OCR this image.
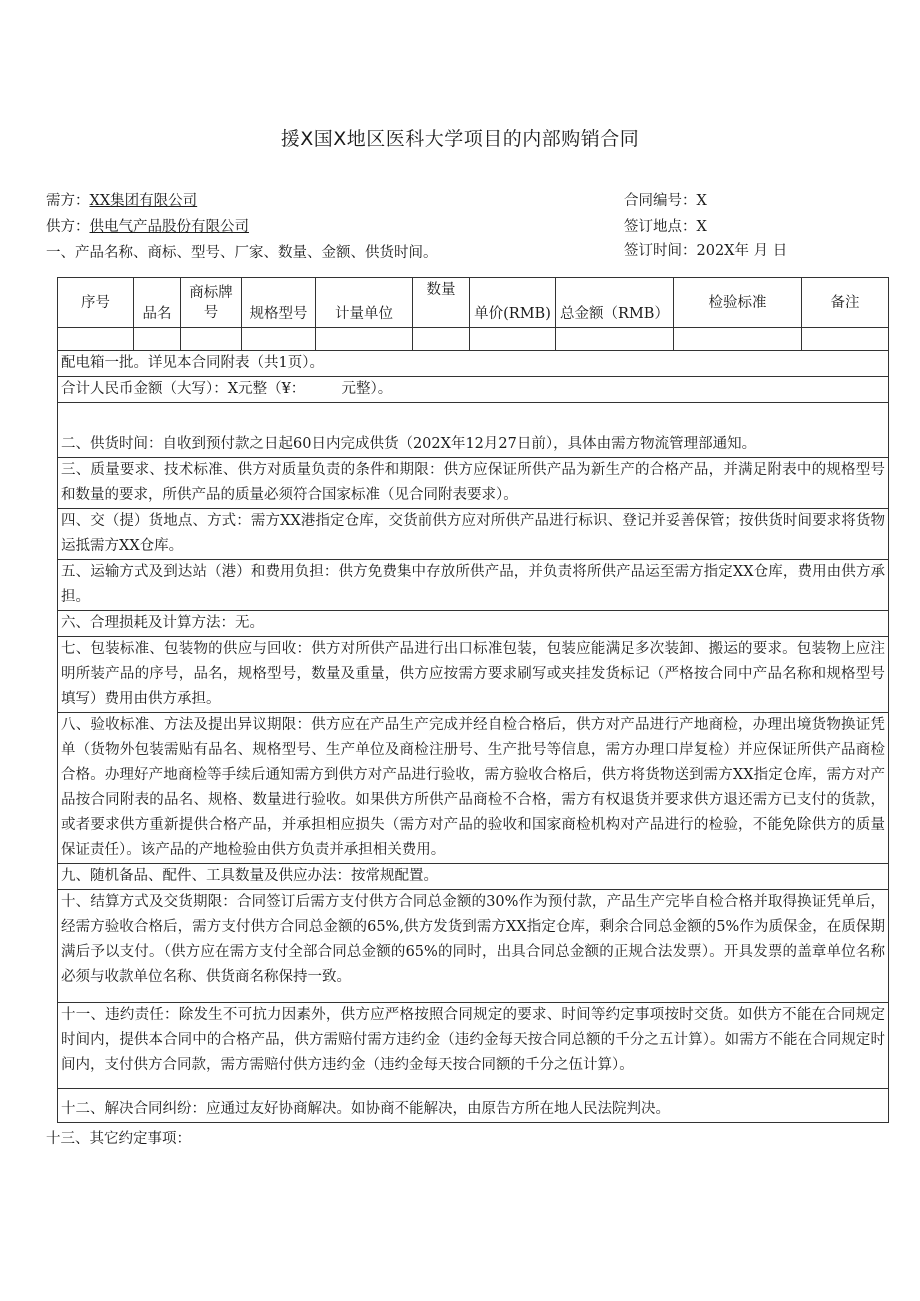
援X国X地区医科大学项目的内部购销合同
需方：XX集团有限公司
供方：供电气产品股份有限公司
一、产品名称、商标、型号、厂家、数量、金额、供货时间。
合同编号：X
签订地点：X
签订时间：202X年 月 日
序号	品名	商标牌号	规格型号	计量单位	数量	单价(RMB)	总金额（RMB）	检验标准	备注

配电箱一批。详见本合同附表（共1页）。									
合计人民币金额（大写）：X元整（¥：　　　元整）。									
二、供货时间：自收到预付款之日起60日内完成供货（202X年12月27日前），具体由需方物流管理部通知。									
三、质量要求、技术标准、供方对质量负责的条件和期限：供方应保证所供产品为新生产的合格产品，并满足附表中的规格型号和数量的要求，所供产品的质量必须符合国家标准（见合同附表要求）。									
四、交（提）货地点、方式：需方XX港指定仓库，交货前供方应对所供产品进行标识、登记并妥善保管；按供货时间要求将货物运抵需方XX仓库。									
五、运输方式及到达站（港）和费用负担：供方免费集中存放所供产品，并负责将所供产品运至需方指定XX仓库，费用由供方承担。									
六、合理损耗及计算方法：无。									
七、包装标准、包装物的供应与回收：供方对所供产品进行出口标准包装，包装应能满足多次装卸、搬运的要求。包装物上应注明所装产品的序号，品名，规格型号，数量及重量，供方应按需方要求刷写或夹挂发货标记（严格按合同中产品名称和规格型号填写）费用由供方承担。									
八、验收标准、方法及提出异议期限：供方应在产品生产完成并经自检合格后，供方对产品进行产地商检，办理出境货物换证凭单（货物外包装需贴有品名、规格型号、生产单位及商检注册号、生产批号等信息，需方办理口岸复检）并应保证所供产品商检合格。办理好产地商检等手续后通知需方到供方对产品进行验收，需方验收合格后，供方将货物送到需方XX指定仓库，需方对产品按合同附表的品名、规格、数量进行验收。如果供方所供产品商检不合格，需方有权退货并要求供方退还需方已支付的货款，或者要求供方重新提供合格产品，并承担相应损失（需方对产品的验收和国家商检机构对产品进行的检验，不能免除供方的质量保证责任）。该产品的产地检验由供方负责并承担相关费用。									
九、随机备品、配件、工具数量及供应办法：按常规配置。									
十、结算方式及交货期限：合同签订后需方支付供方合同总金额的30%作为预付款，产品生产完毕自检合格并取得换证凭单后，经需方验收合格后，需方支付供方合同总金额的65%,供方发货到需方XX指定仓库，剩余合同总金额的5%作为质保金，在质保期满后予以支付。（供方应在需方支付全部合同总金额的65%的同时，出具合同总金额的正规合法发票）。开具发票的盖章单位名称必须与收款单位名称、供货商名称保持一致。									
十一、违约责任：除发生不可抗力因素外，供方应严格按照合同规定的要求、时间等约定事项按时交货。如供方不能在合同规定时间内，提供本合同中的合格产品，供方需赔付需方违约金（违约金每天按合同总额的千分之五计算）。如需方不能在合同规定时间内，支付供方合同款，需方需赔付供方违约金（违约金每天按合同额的千分之伍计算）。									
十二、解决合同纠纷：应通过友好协商解决。如协商不能解决，由原告方所在地人民法院判决。									
十三、其它约定事项：
